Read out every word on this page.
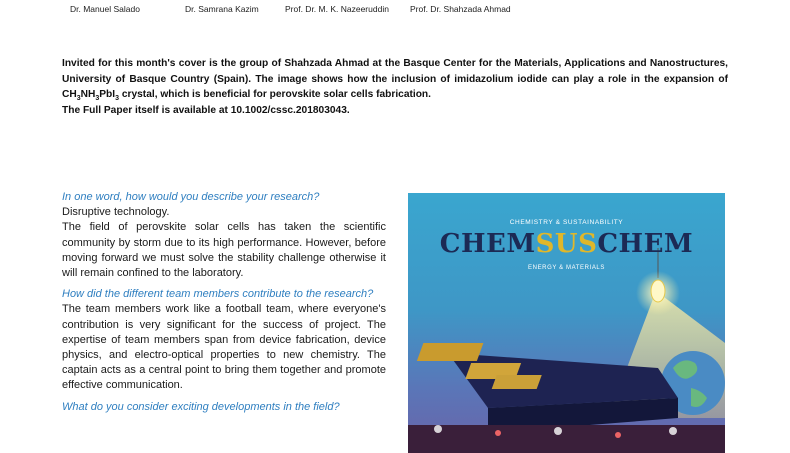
Dr. Manuel Salado	Dr. Samrana Kazim	Prof. Dr. M. K. Nazeeruddin Prof. Dr. Shahzada Ahmad

Invited for this month's cover is the group of Shahzada Ahmad at the Basque Center for the Materials, Applications and Nanostructures, University of Basque Country (Spain). The image shows how the inclusion of imidazolium iodide can play a role in the expansion of $CH_3NH_3PbI_3$ crystal, which is beneficial for perovskite solar cells fabrication.

The Full Paper itself is available at 10.1002/cssc.201803043.

In one word, how would you describe your research?

Disruptive technology.

The field of perovskite solar cells has taken the scientific community by storm due to its high performance. However, before moving forward we must solve the stability challenge otherwise it will remain confined to the laboratory.

How did the different team members contribute to the research?

The team members work like a football team, where everyone's contribution is very significant for the success of project. The expertise of team members span from device fabrication, device physics, and electro-optical properties to new chemistry. The captain acts as a central point to bring them together and promote effective communication.

What do you consider exciting developments in the field?

CHEMISTRY & SUSTAINABILITY
CHEMSUSCHEM
ENERGY & MATERIALS
